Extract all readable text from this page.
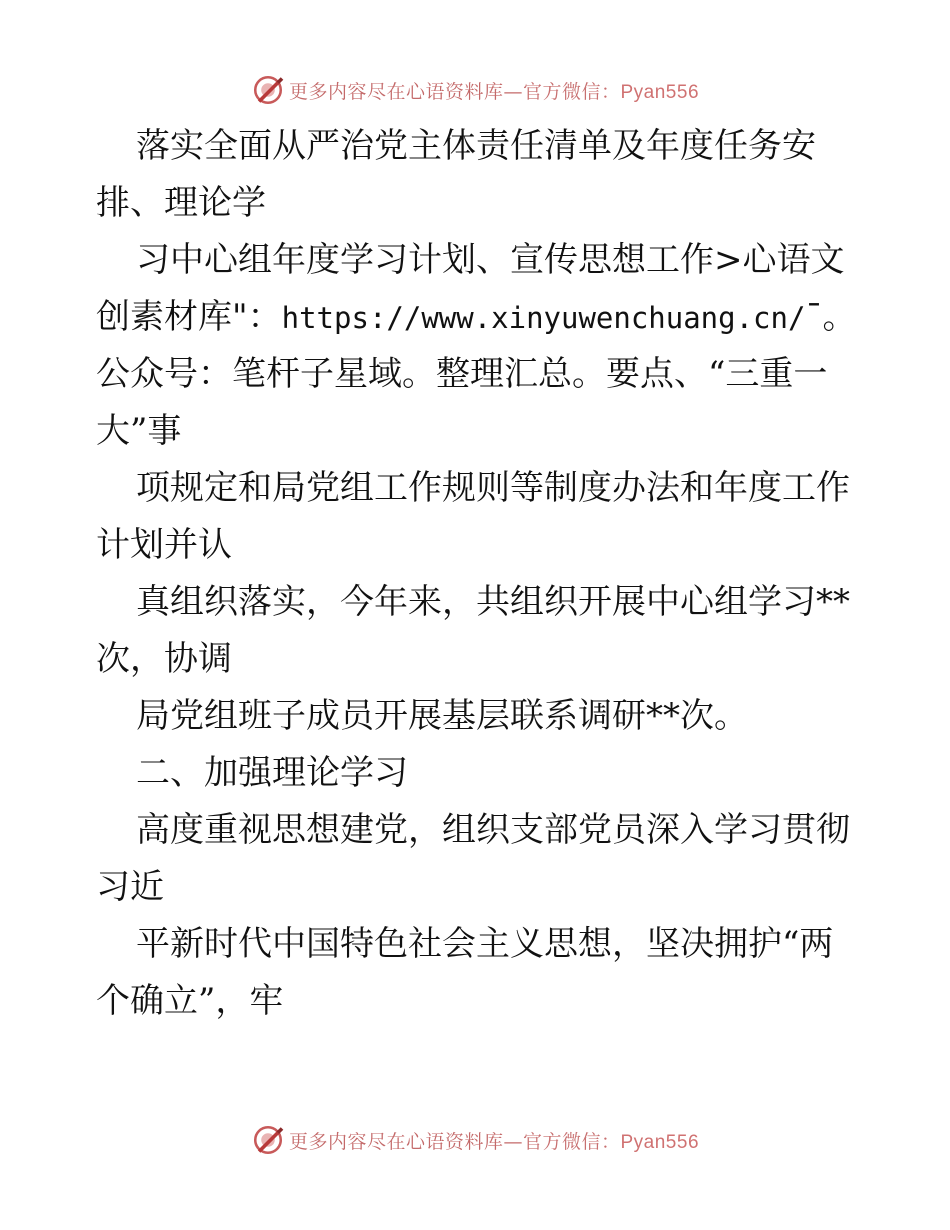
更多内容尽在心语资料库—官方微信：Pyan556
落实全面从严治党主体责任清单及年度任务安
排、理论学
习中心组年度学习计划、宣传思想工作>心语文
创素材库"：https://www.xinyuwenchuang.cn/¯。
公众号：笔杆子星域。整理汇总。要点、“三重一
大”事
项规定和局党组工作规则等制度办法和年度工作
计划并认
真组织落实，今年来，共组织开展中心组学习**
次，协调
局党组班子成员开展基层联系调研**次。
二、加强理论学习
高度重视思想建党，组织支部党员深入学习贯彻
习近
平新时代中国特色社会主义思想，坚决拥护“两
个确立”，牢
更多内容尽在心语资料库—官方微信：Pyan556
